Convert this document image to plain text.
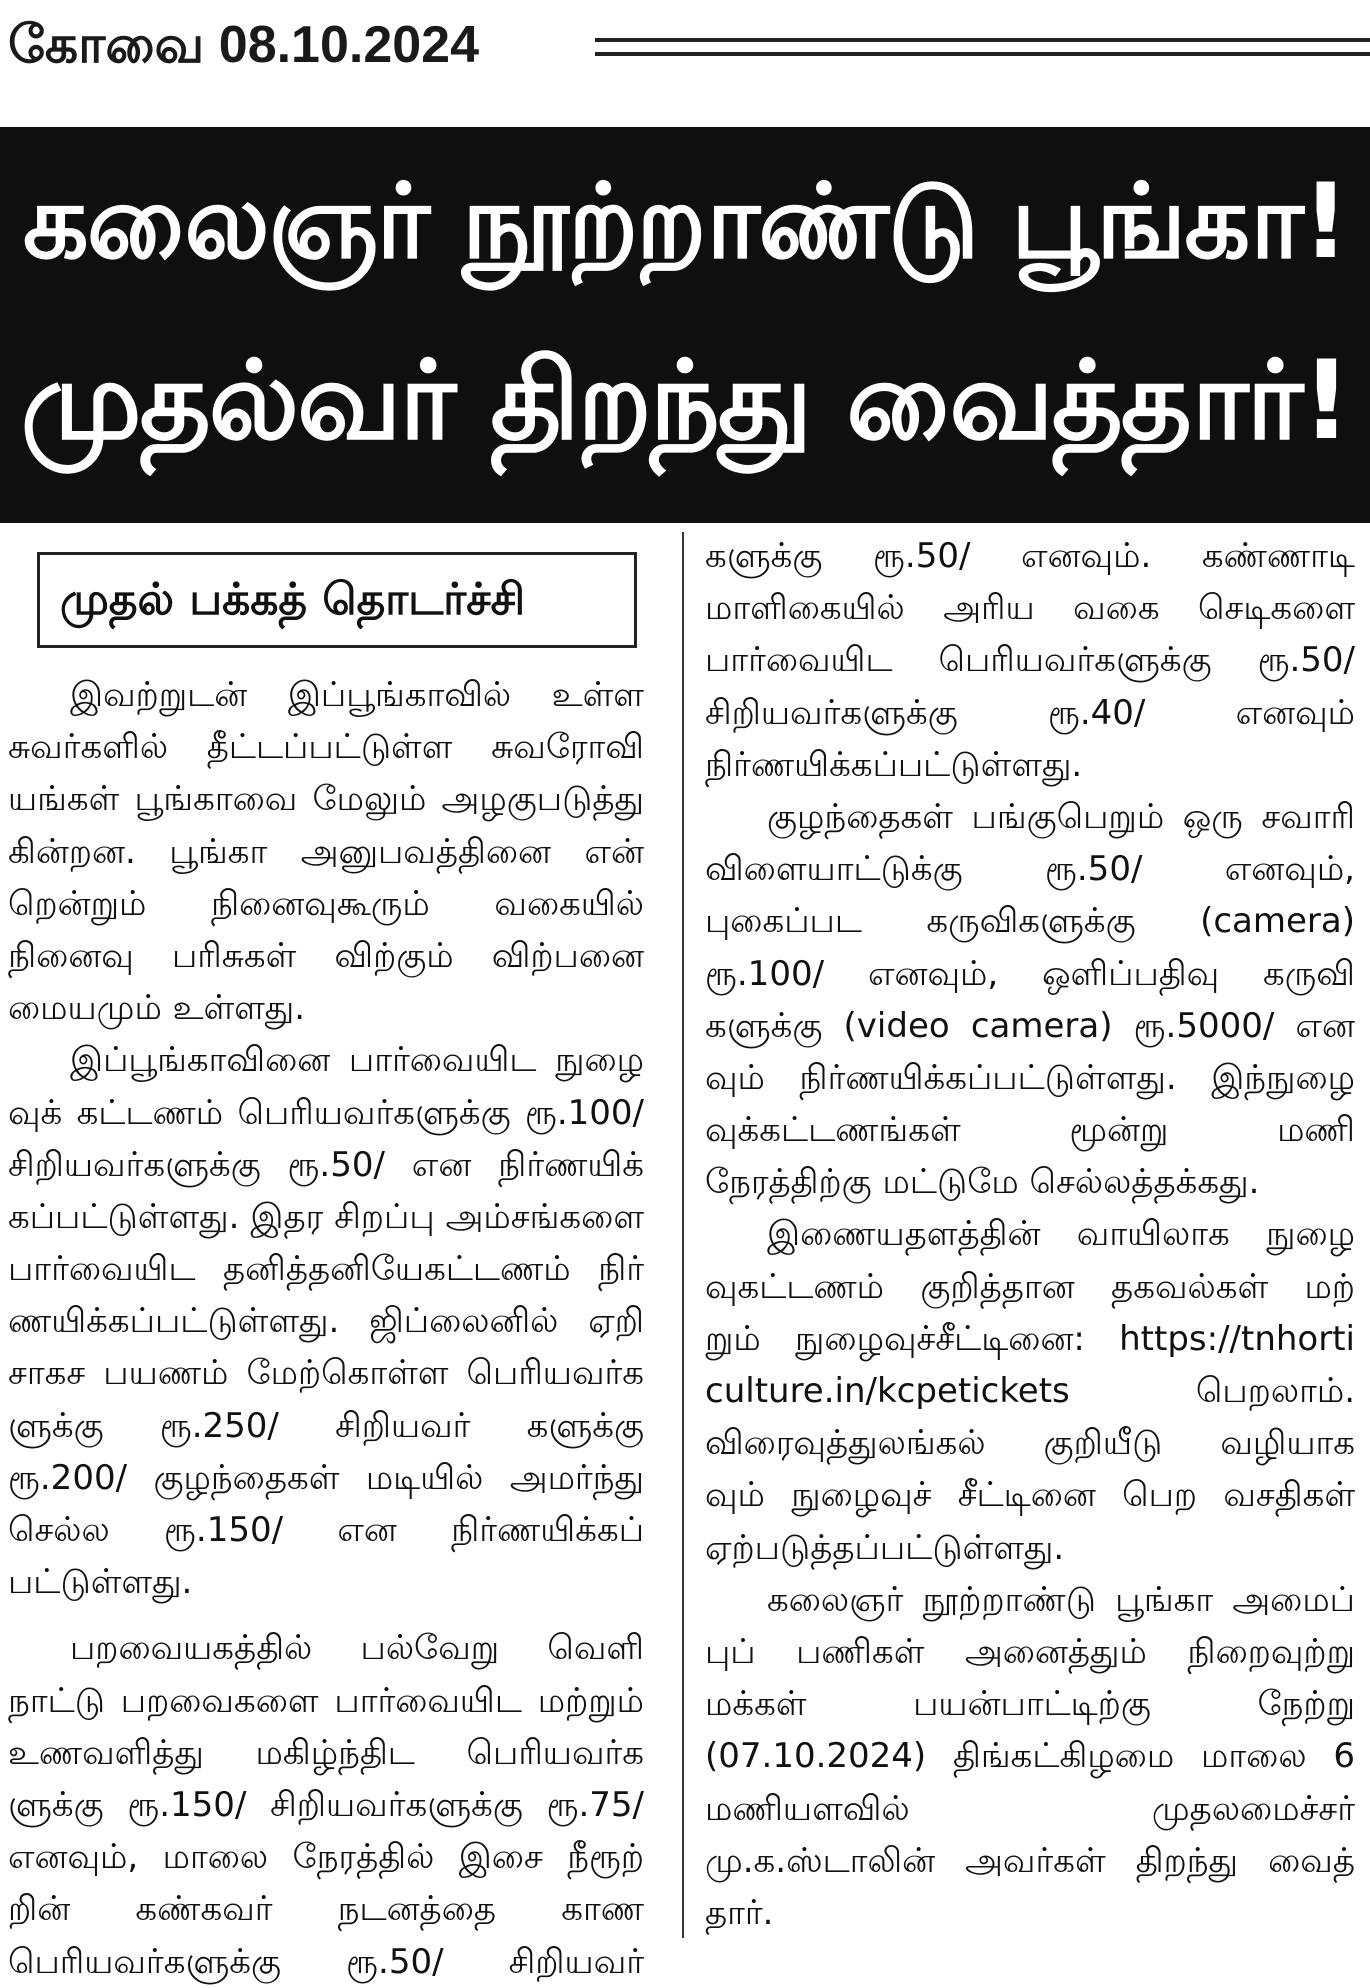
கோவை 08.10.2024
கலைஞர் நூற்றாண்டு பூங்கா!
முதல்வர் திறந்து வைத்தார்!
முதல் பக்கத் தொடர்ச்சி
இவற்றுடன் இப்பூங்காவில் உள்ள
சுவர்களில் தீட்டப்பட்டுள்ள சுவரோவி
யங்கள் பூங்காவை மேலும் அழகுபடுத்து
கின்றன. பூங்கா அனுபவத்தினை என்
றென்றும் நினைவுகூரும் வகையில்
நினைவு பரிசுகள் விற்கும் விற்பனை
மையமும் உள்ளது.
இப்பூங்காவினை பார்வையிட நுழை
வுக் கட்டணம் பெரியவர்களுக்கு ரூ.100/
சிறியவர்களுக்கு ரூ.50/ என நிர்ணயிக்
கப்பட்டுள்ளது. இதர சிறப்பு அம்சங்களை
பார்வையிட தனித்தனியேகட்டணம் நிர்
ணயிக்கப்பட்டுள்ளது. ஜிப்லைனில் ஏறி
சாகச பயணம் மேற்கொள்ள பெரியவர்க
ளுக்கு ரூ.250/ சிறியவர் களுக்கு
ரூ.200/ குழந்தைகள் மடியில் அமர்ந்து
செல்ல ரூ.150/ என நிர்ணயிக்கப்
பட்டுள்ளது.
பறவையகத்தில் பல்வேறு வெளி
நாட்டு பறவைகளை பார்வையிட மற்றும்
உணவளித்து மகிழ்ந்திட பெரியவர்க
ளுக்கு ரூ.150/ சிறியவர்களுக்கு ரூ.75/
எனவும், மாலை நேரத்தில் இசை நீரூற்
றின் கண்கவர் நடனத்தை காண
பெரியவர்களுக்கு ரூ.50/ சிறியவர்
களுக்கு ரூ.50/ எனவும். கண்ணாடி
மாளிகையில் அரிய வகை செடிகளை
பார்வையிட பெரியவர்களுக்கு ரூ.50/
சிறியவர்களுக்கு ரூ.40/ எனவும்
நிர்ணயிக்கப்பட்டுள்ளது.
குழந்தைகள் பங்குபெறும் ஒரு சவாரி
விளையாட்டுக்கு ரூ.50/ எனவும்,
புகைப்பட கருவிகளுக்கு (camera)
ரூ.100/ எனவும், ஒளிப்பதிவு கருவி
களுக்கு (video camera) ரூ.5000/ என
வும் நிர்ணயிக்கப்பட்டுள்ளது. இந்நுழை
வுக்கட்டணங்கள் மூன்று மணி
நேரத்திற்கு மட்டுமே செல்லத்தக்கது.
இணையதளத்தின் வாயிலாக நுழை
வுகட்டணம் குறித்தான தகவல்கள் மற்
றும் நுழைவுச்சீட்டினை: https://tnhorti
culture.in/kcpetickets பெறலாம்.
விரைவுத்துலங்கல் குறியீடு வழியாக
வும் நுழைவுச் சீட்டினை பெற வசதிகள்
ஏற்படுத்தப்பட்டுள்ளது.
கலைஞர் நூற்றாண்டு பூங்கா அமைப்
புப் பணிகள் அனைத்தும் நிறைவுற்று
மக்கள் பயன்பாட்டிற்கு நேற்று
(07.10.2024) திங்கட்கிழமை மாலை 6
மணியளவில் முதலமைச்சர்
மு.க.ஸ்டாலின் அவர்கள் திறந்து வைத்
தார்.
